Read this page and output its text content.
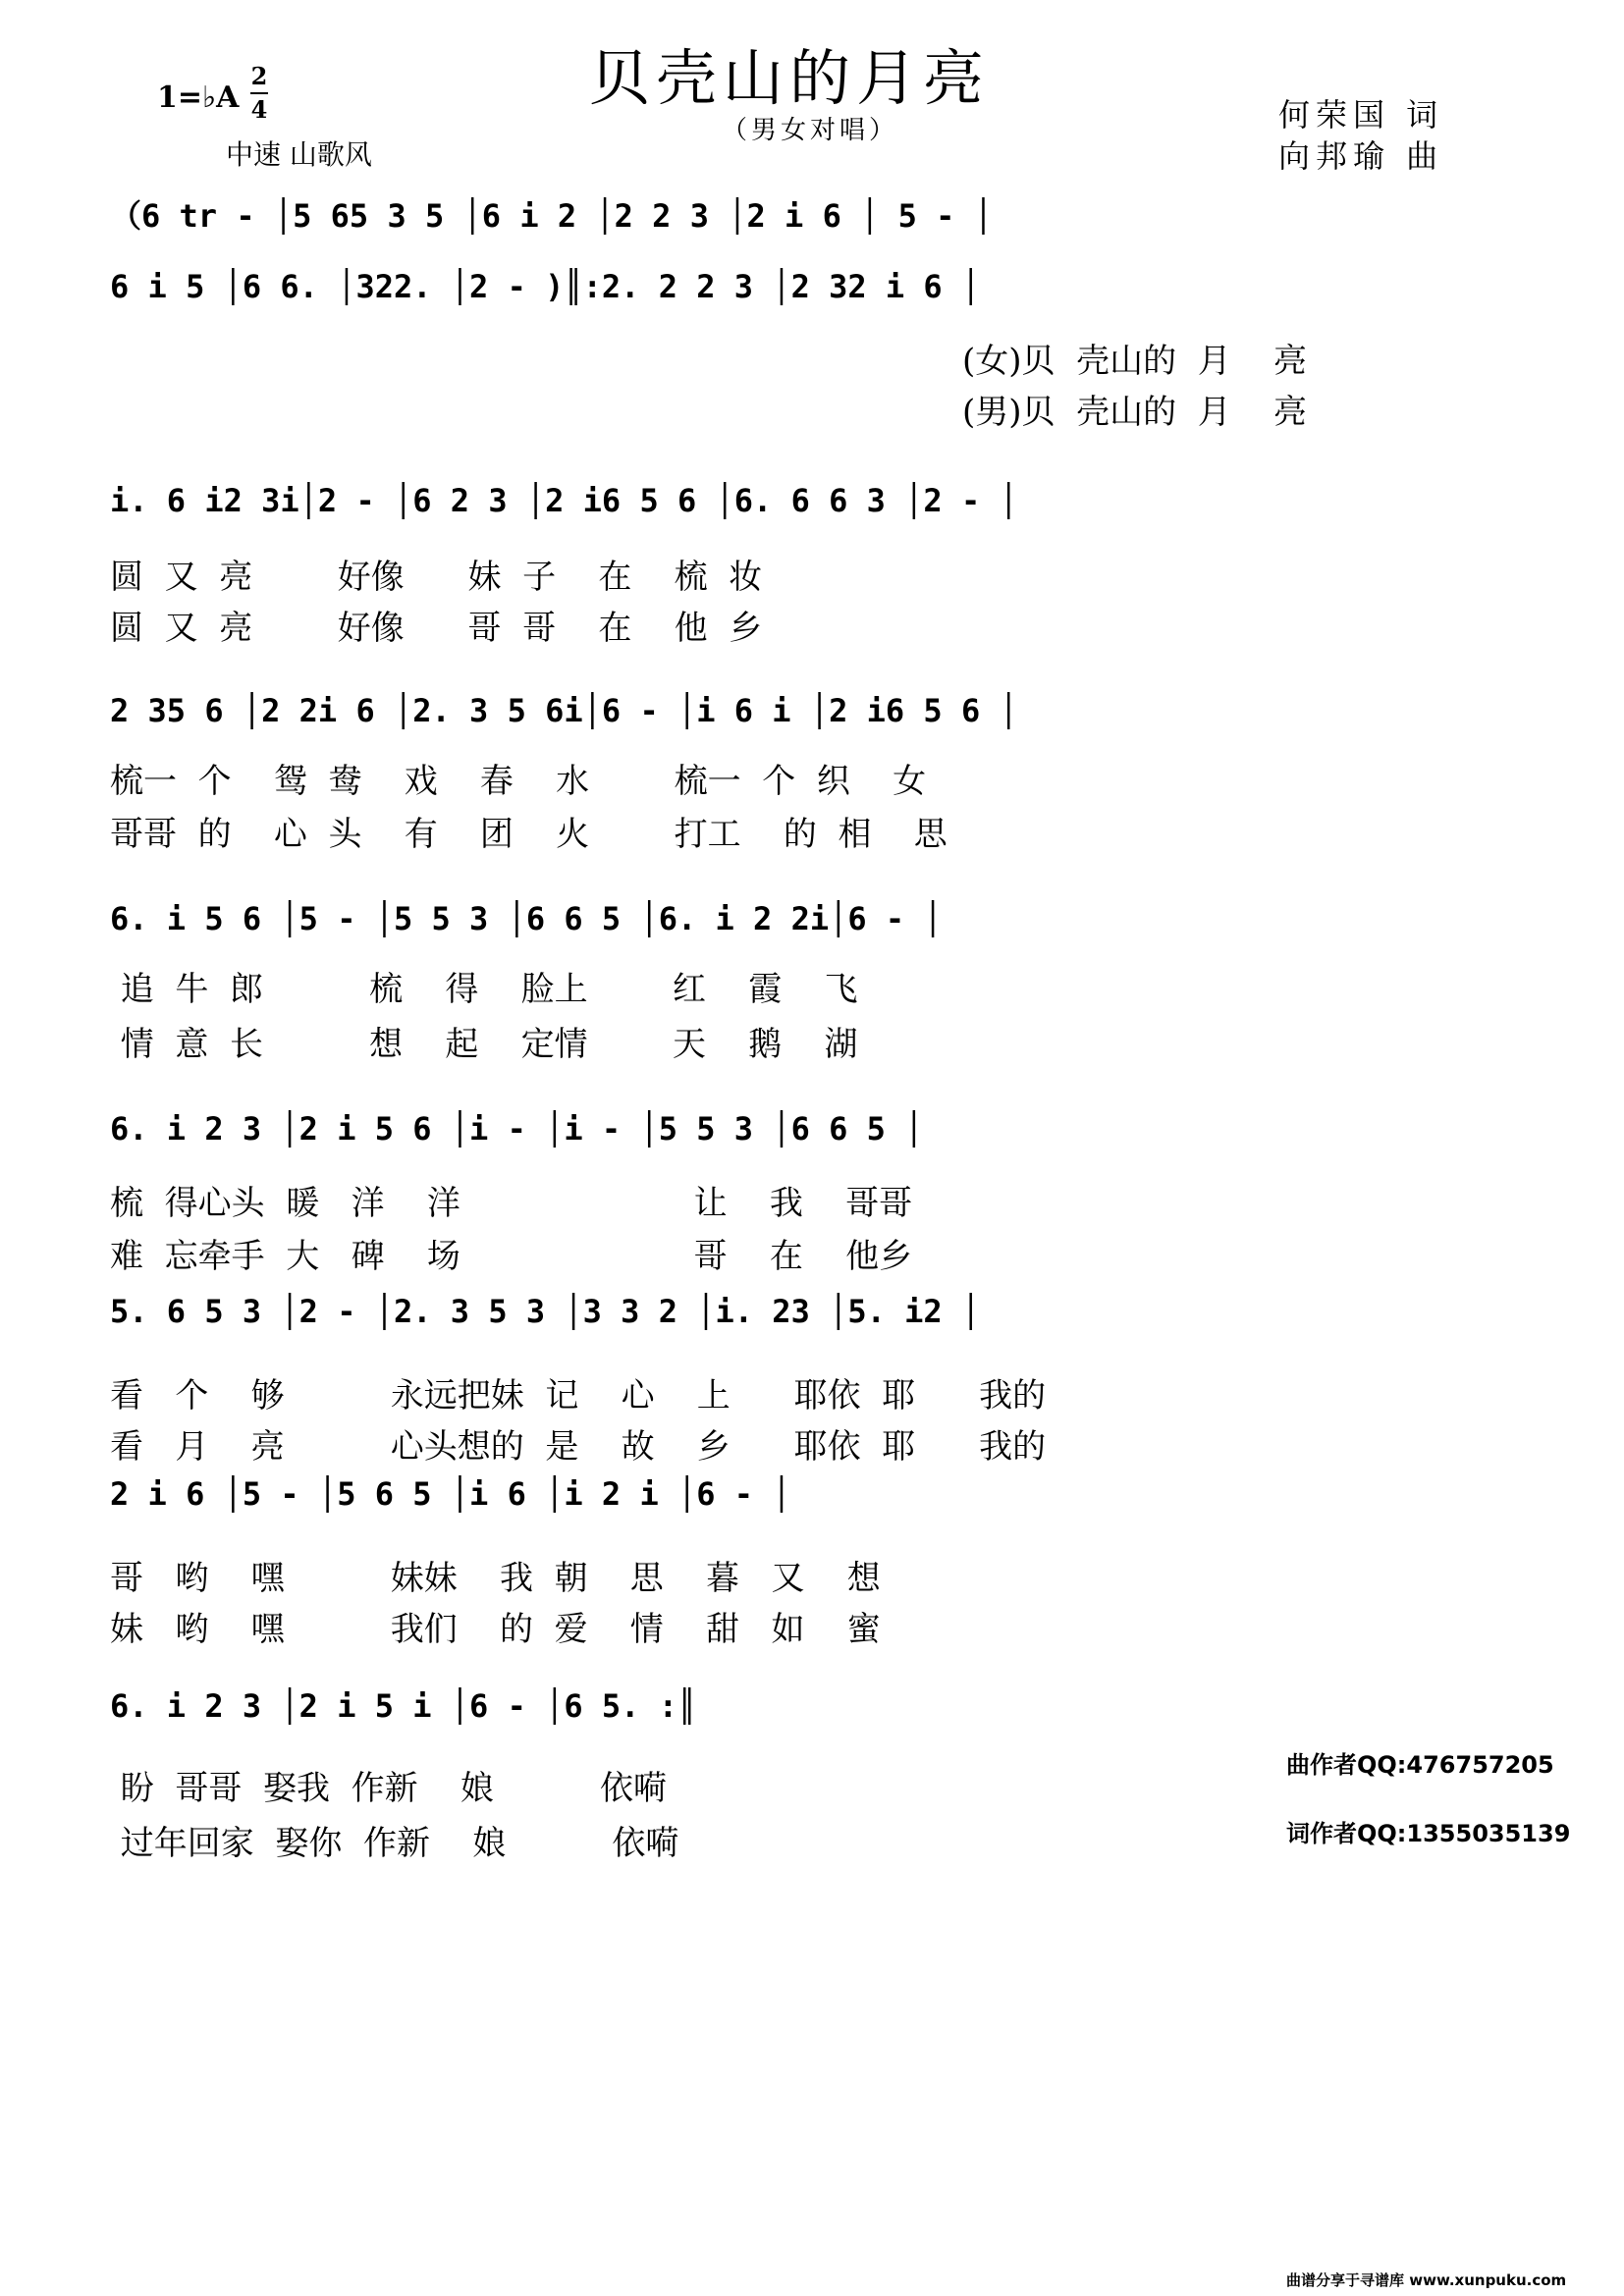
贝壳山的月亮
（男女对唱）
1=♭A
2
4
中速 山歌风
何荣国 词
向邦瑜 曲
（6 tr - │5 65 3 5 │6 i 2 │2 2 3 │2 i 6 │ 5 - │
6 i 5 │6 6. │322. │2 - )║:2. 2 2 3 │2 32 i 6 │
(女)贝  壳山的  月    亮
(男)贝  壳山的  月    亮
i. 6 i2 3i│2 - │6 2 3 │2 i6 5 6 │6. 6 6 3 │2 - │
圆  又  亮        好像      妹  子    在    梳  妆
圆  又  亮        好像      哥  哥    在    他  乡
2 35 6 │2 2i 6 │2. 3 5 6i│6 - │i 6 i │2 i6 5 6 │
梳一  个    鸳  鸯    戏    春    水        梳一  个  织    女
哥哥  的    心  头    有    团    火        打工    的  相    思
6. i 5 6 │5 - │5 5 3 │6 6 5 │6. i 2 2i│6 - │
追  牛  郎          梳    得    脸上        红    霞    飞
情  意  长          想    起    定情        天    鹅    湖
6. i 2 3 │2 i 5 6 │i - │i - │5 5 3 │6 6 5 │
梳  得心头  暖   洋    洋                      让    我    哥哥
难  忘牵手  大   碑    场                      哥    在    他乡
5. 6 5 3 │2 - │2. 3 5 3 │3 3 2 │i. 23 │5. i2 │
看   个    够          永远把妹  记    心    上      耶依  耶      我的
看   月    亮          心头想的  是    故    乡      耶依  耶      我的
2 i 6 │5 - │5 6 5 │i 6 │i 2 i │6 - │
哥   哟    嘿          妹妹    我  朝    思    暮   又    想
妹   哟    嘿          我们    的  爱    情    甜   如    蜜
6. i 2 3 │2 i 5 i │6 - │6 5. :║
盼  哥哥  娶我  作新    娘          依嗬
过年回家  娶你  作新    娘          依嗬
曲作者QQ:476757205
词作者QQ:1355035139
曲谱分享于寻谱库 www.xunpuku.com
